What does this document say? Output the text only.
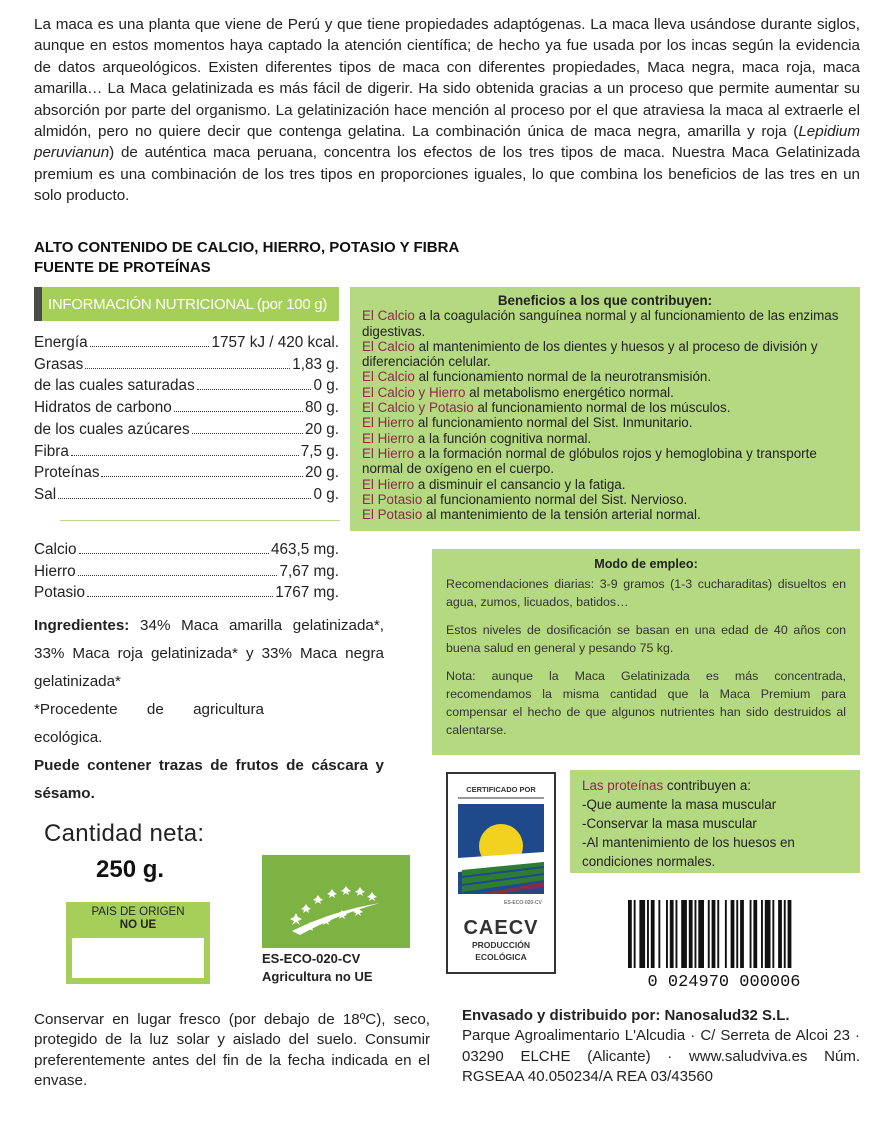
La maca es una planta que viene de Perú y que tiene propiedades adaptógenas. La maca lleva usándose durante siglos, aunque en estos momentos haya captado la atención científica; de hecho ya fue usada por los incas según la evidencia de datos arqueológicos. Existen diferentes tipos de maca con diferentes propiedades, Maca negra, maca roja, maca amarilla… La Maca gelatinizada es más fácil de digerir. Ha sido obtenida gracias a un proceso que permite aumentar su absorción por parte del organismo. La gelatinización hace mención al proceso por el que atraviesa la maca al extraerle el almidón, pero no quiere decir que contenga gelatina. La combinación única de maca negra, amarilla y roja (Lepidium peruvianun) de auténtica maca peruana, concentra los efectos de los tres tipos de maca. Nuestra Maca Gelatinizada premium es una combinación de los tres tipos en proporciones iguales, lo que combina los beneficios de las tres en un solo producto.
ALTO CONTENIDO DE CALCIO, HIERRO, POTASIO Y FIBRA
FUENTE DE PROTEÍNAS
INFORMACIÓN NUTRICIONAL (por 100 g)
Energía	1757 kJ / 420 kcal.
Grasas	1,83 g.
de las cuales saturadas	0 g.
Hidratos de carbono	80 g.
de los cuales azúcares	20 g.
Fibra	7,5 g.
Proteínas	20 g.
Sal	0 g.
Calcio	463,5 mg.
Hierro	7,67 mg.
Potasio	1767 mg.
Beneficios a los que contribuyen:
El Calcio a la coagulación sanguínea normal y al funcionamiento de las enzimas digestivas.
El Calcio al mantenimiento de los dientes y huesos y al proceso de división y diferenciación celular.
El Calcio al funcionamiento normal de la neurotransmisión.
El Calcio y Hierro al metabolismo energético normal.
El Calcio y Potasio al funcionamiento normal de los músculos.
El Hierro al funcionamiento normal del Sist. Inmunitario.
El Hierro a la función cognitiva normal.
El Hierro a la formación normal de glóbulos rojos y hemoglobina y transporte normal de oxígeno en el cuerpo.
El Hierro a disminuir el cansancio y la fatiga.
El Potasio al funcionamiento normal del Sist. Nervioso.
El Potasio al mantenimiento de la tensión arterial normal.
Modo de empleo:

Recomendaciones diarias: 3-9 gramos (1-3 cucharaditas) disueltos en agua, zumos, licuados, batidos…

Estos niveles de dosificación se basan en una edad de 40 años con buena salud en general y pesando 75 kg.

Nota: aunque la Maca Gelatinizada es más concentrada, recomendamos la misma cantidad que la Maca Premium para compensar el hecho de que algunos nutrientes han sido destruidos al calentarse.

Ingredientes: 34% Maca amarilla gelatinizada*, 33% Maca roja gelatinizada* y 33% Maca negra gelatinizada*

*Procedente de agricultura ecológica.

Puede contener trazas de frutos de cáscara y sésamo.

Cantidad neta:
250 g.
PAIS DE ORIGEN
NO UE
ES-ECO-020-CV
Agricultura no UE
CERTIFICADO POR
ES-ECO-020-CV
CAECV
PRODUCCIÓN
ECOLÓGICA
Las proteínas contribuyen a:
-Que aumente la masa muscular
-Conservar la masa muscular
-Al mantenimiento de los huesos en condiciones normales.
0 024970 000006
Conservar en lugar fresco (por debajo de 18ºC), seco, protegido de la luz solar y aislado del suelo. Consumir preferentemente antes del fin de la fecha indicada en el envase.
Envasado y distribuido por: Nanosalud32 S.L.
Parque Agroalimentario L'Alcudia · C/ Serreta de Alcoi 23 · 03290 ELCHE (Alicante) · www.saludviva.es Núm. RGSEAA 40.050234/A REA 03/43560
